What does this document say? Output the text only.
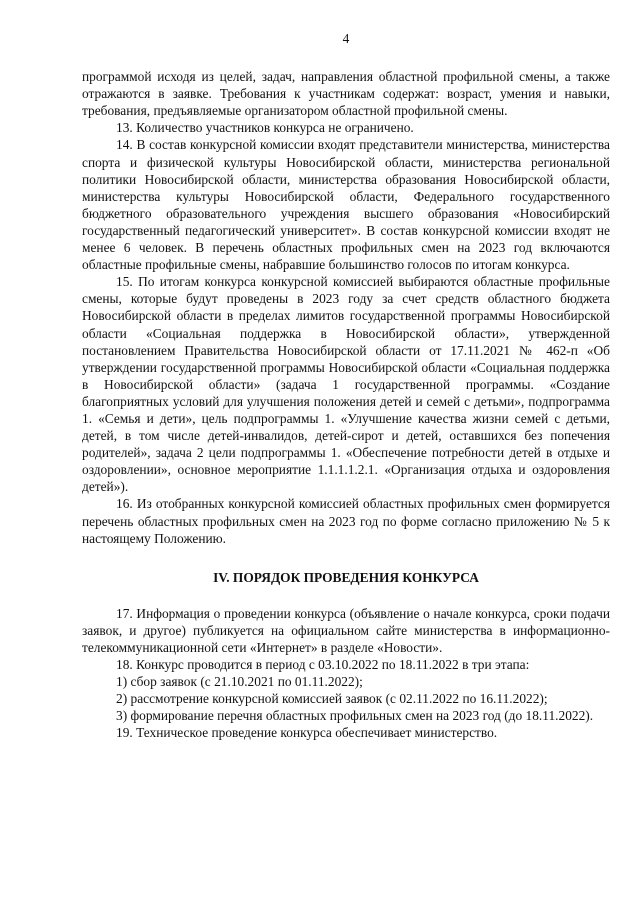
4

программой исходя из целей, задач, направления областной профильной смены, а также отражаются в заявке. Требования к участникам содержат: возраст, умения и навыки, требования, предъявляемые организатором областной профильной смены.

13. Количество участников конкурса не ограничено.

14. В состав конкурсной комиссии входят представители министерства, министерства спорта и физической культуры Новосибирской области, министерства региональной политики Новосибирской области, министерства образования Новосибирской области, министерства культуры Новосибирской области, Федерального государственного бюджетного образовательного учреждения высшего образования «Новосибирский государственный педагогический университет». В состав конкурсной комиссии входят не менее 6 человек. В перечень областных профильных смен на 2023 год включаются областные профильные смены, набравшие большинство голосов по итогам конкурса.

15. По итогам конкурса конкурсной комиссией выбираются областные профильные смены, которые будут проведены в 2023 году за счет средств областного бюджета Новосибирской области в пределах лимитов государственной программы Новосибирской области «Социальная поддержка в Новосибирской области», утвержденной постановлением Правительства Новосибирской области от 17.11.2021 № 462-п «Об утверждении государственной программы Новосибирской области «Социальная поддержка в Новосибирской области» (задача 1 государственной программы. «Создание благоприятных условий для улучшения положения детей и семей с детьми», подпрограмма 1. «Семья и дети», цель подпрограммы 1. «Улучшение качества жизни семей с детьми, детей, в том числе детей-инвалидов, детей-сирот и детей, оставшихся без попечения родителей», задача 2 цели подпрограммы 1. «Обеспечение потребности детей в отдыхе и оздоровлении», основное мероприятие 1.1.1.1.2.1. «Организация отдыха и оздоровления детей»).

16. Из отобранных конкурсной комиссией областных профильных смен формируется перечень областных профильных смен на 2023 год по форме согласно приложению № 5 к настоящему Положению.

IV. ПОРЯДОК ПРОВЕДЕНИЯ КОНКУРСА

17. Информация о проведении конкурса (объявление о начале конкурса, сроки подачи заявок, и другое) публикуется на официальном сайте министерства в информационно-телекоммуникационной сети «Интернет» в разделе «Новости».

18. Конкурс проводится в период с 03.10.2022 по 18.11.2022 в три этапа:

1) сбор заявок (с 21.10.2021 по 01.11.2022);

2) рассмотрение конкурсной комиссией заявок (с 02.11.2022 по 16.11.2022);

3) формирование перечня областных профильных смен на 2023 год (до 18.11.2022).

19. Техническое проведение конкурса обеспечивает министерство.
